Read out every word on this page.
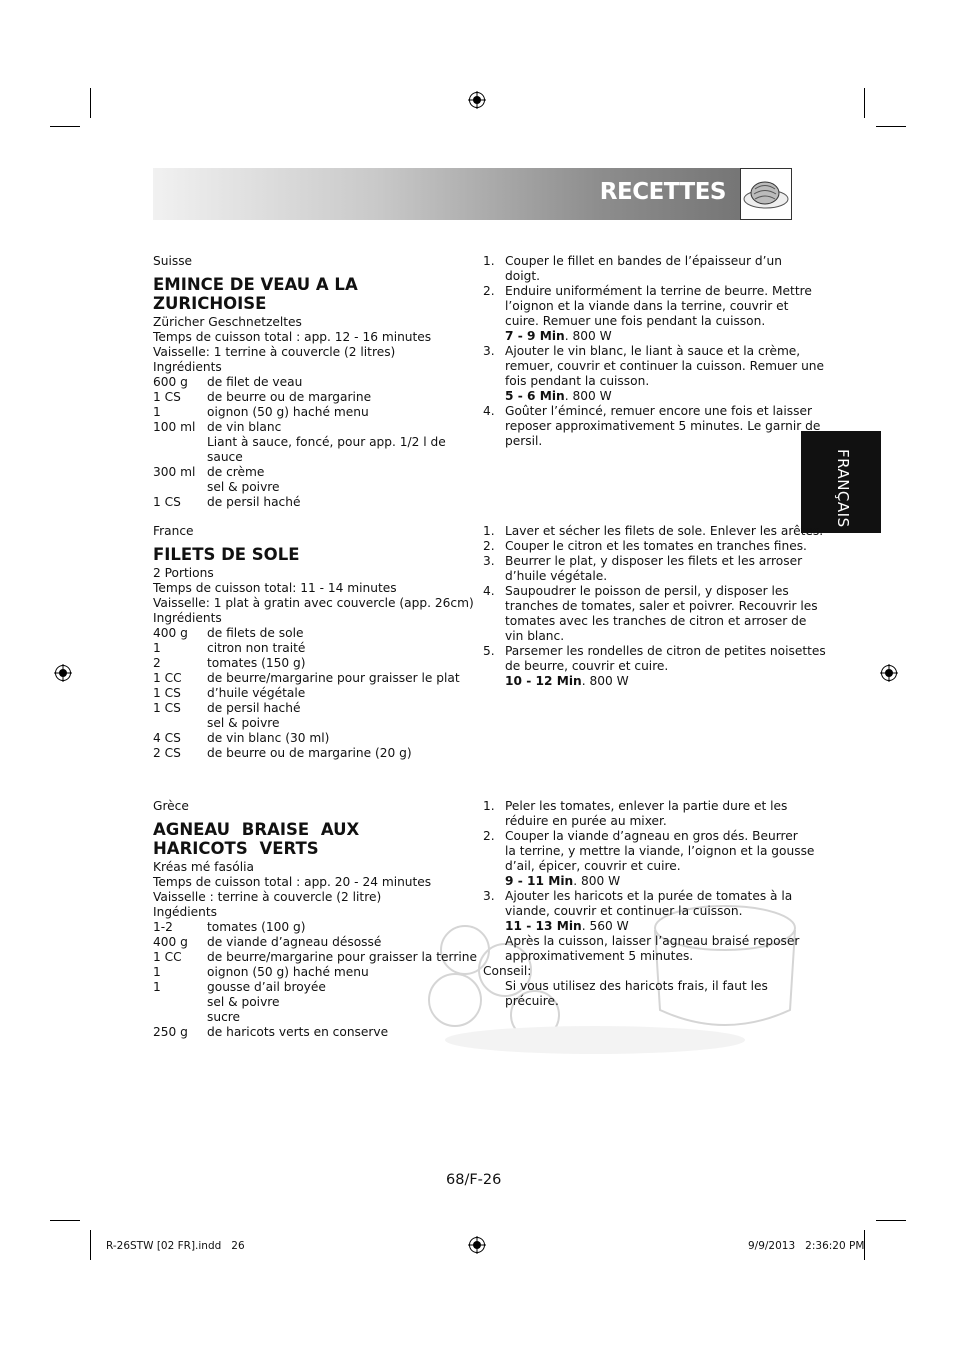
RECETTES
FRANÇAIS
Suisse
EMINCE DE VEAU A LA ZURICHOISE
Züricher Geschnetzeltes
Temps de cuisson total : app. 12 - 16 minutes
Vaisselle: 1 terrine à couvercle (2 litres)
Ingrédients
600 g de filet de veau
1 CS de beurre ou de margarine
1	oignon (50 g) haché menu
100 ml de vin blanc
Liant à sauce, foncé, pour app. 1/2 l de
sauce
300 ml de crème
sel & poivre
1 CS de persil haché
1. Couper le fillet en bandes de l’épaisseur d’un
doigt.
2. Enduire uniformément la terrine de beurre. Mettre
l’oignon et la viande dans la terrine, couvrir et
cuire. Remuer une fois pendant la cuisson.
7 - 9 Min. 800 W
3. Ajouter le vin blanc, le liant à sauce et la crème,
remuer, couvrir et continuer la cuisson. Remuer une
fois pendant la cuisson.
5 - 6 Min. 800 W
4. Goûter l’émincé, remuer encore une fois et laisser
reposer approximativement 5 minutes. Le garnir de
persil.
France
FILETS DE SOLE
2 Portions
Temps de cuisson total: 11 - 14 minutes
Vaisselle: 1 plat à gratin avec couvercle (app. 26cm)
Ingrédients
400 g de filets de sole
1	citron non traité
2	tomates (150 g)
1 CC de beurre/margarine pour graisser le plat
1 CS d’huile végétale
1 CS de persil haché
sel & poivre
4 CS de vin blanc (30 ml)
2 CS de beurre ou de margarine (20 g)
1. Laver et sécher les filets de sole. Enlever les arêtes.
2. Couper le citron et les tomates en tranches fines.
3. Beurrer le plat, y disposer les filets et les arroser
d’huile végétale.
4. Saupoudrer le poisson de persil, y disposer les
tranches de tomates, saler et poivrer. Recouvrir les
tomates avec les tranches de citron et arroser de
vin blanc.
5. Parsemer les rondelles de citron de petites noisettes
de beurre, couvrir et cuire.
10 - 12 Min. 800 W
Grèce
AGNEAU BRAISE AUX HARICOTS VERTS
Kréas mé fasólia
Temps de cuisson total : app. 20 - 24 minutes
Vaisselle : terrine à couvercle (2 litre)
Ingédients
1-2	tomates (100 g)
400 g de viande d’agneau désossé
1 CC de beurre/margarine pour graisser la terrine
1	oignon (50 g) haché menu
1	gousse d’ail broyée
sel & poivre
sucre
250 g de haricots verts en conserve
1. Peler les tomates, enlever la partie dure et les
réduire en purée au mixer.
2. Couper la viande d’agneau en gros dés. Beurrer
la terrine, y mettre la viande, l’oignon et la gousse
d’ail, épicer, couvrir et cuire.
9 - 11 Min. 800 W
3. Ajouter les haricots et la purée de tomates à la
viande, couvrir et continuer la cuisson.
11 - 13 Min. 560 W
Après la cuisson, laisser l’agneau braisé reposer
approximativement 5 minutes.
Conseil:
Si vous utilisez des haricots frais, il faut les
précuire.
68/F-26
R-26STW [02 FR].indd   26	9/9/2013   2:36:20 PM
